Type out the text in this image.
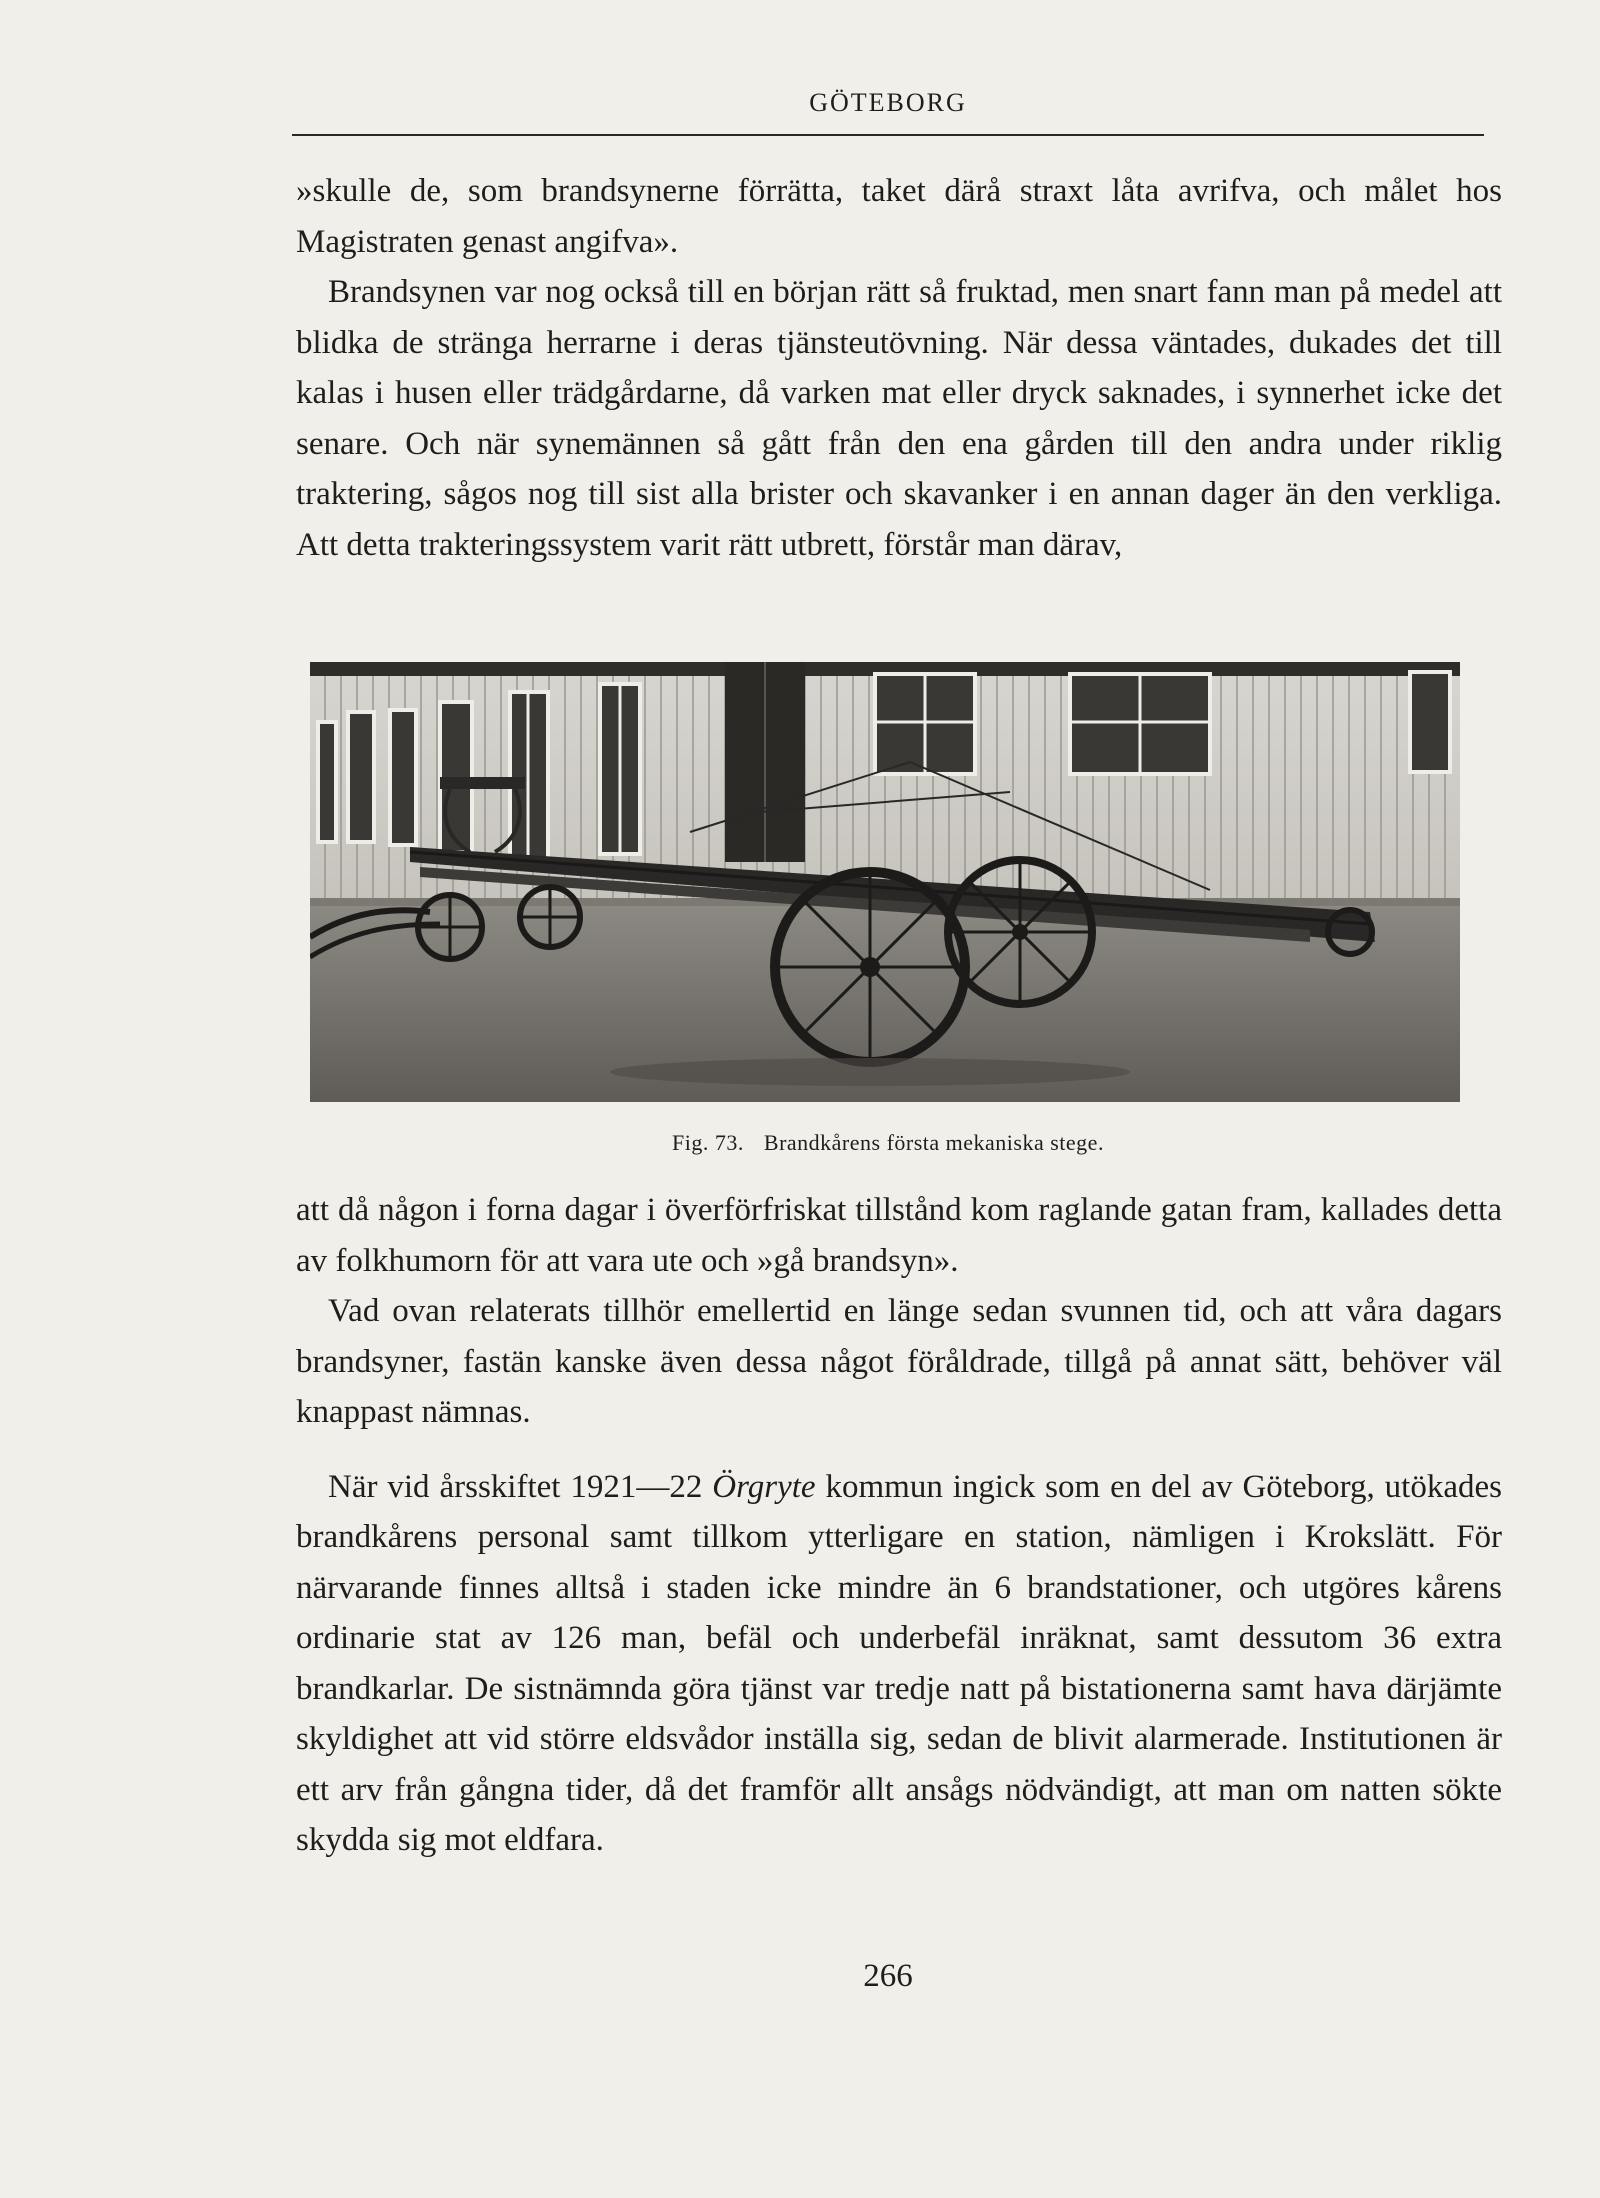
GÖTEBORG

»skulle de, som brandsynerne förrätta, taket därå straxt låta avrifva, och målet hos Magistraten genast angifva».

Brandsynen var nog också till en början rätt så fruktad, men snart fann man på medel att blidka de stränga herrarne i deras tjänsteutövning. När dessa väntades, dukades det till kalas i husen eller trädgårdarne, då varken mat eller dryck saknades, i synnerhet icke det senare. Och när synemännen så gått från den ena gården till den andra under riklig traktering, sågos nog till sist alla brister och skavanker i en annan dager än den verkliga. Att detta trakteringssystem varit rätt utbrett, förstår man därav,

Fig. 73. Brandkårens första mekaniska stege.

att då någon i forna dagar i överförfriskat tillstånd kom raglande gatan fram, kallades detta av folkhumorn för att vara ute och »gå brandsyn».

Vad ovan relaterats tillhör emellertid en länge sedan svunnen tid, och att våra dagars brandsyner, fastän kanske även dessa något föråldrade, tillgå på annat sätt, behöver väl knappast nämnas.

När vid årsskiftet 1921—22 Örgryte kommun ingick som en del av Göteborg, utökades brandkårens personal samt tillkom ytterligare en station, nämligen i Krokslätt. För närvarande finnes alltså i staden icke mindre än 6 brandstationer, och utgöres kårens ordinarie stat av 126 man, befäl och underbefäl inräknat, samt dessutom 36 extra brandkarlar. De sistnämnda göra tjänst var tredje natt på bistationerna samt hava därjämte skyldighet att vid större eldsvådor inställa sig, sedan de blivit alarmerade. Institutionen är ett arv från gångna tider, då det framför allt ansågs nödvändigt, att man om natten sökte skydda sig mot eldfara.

266
